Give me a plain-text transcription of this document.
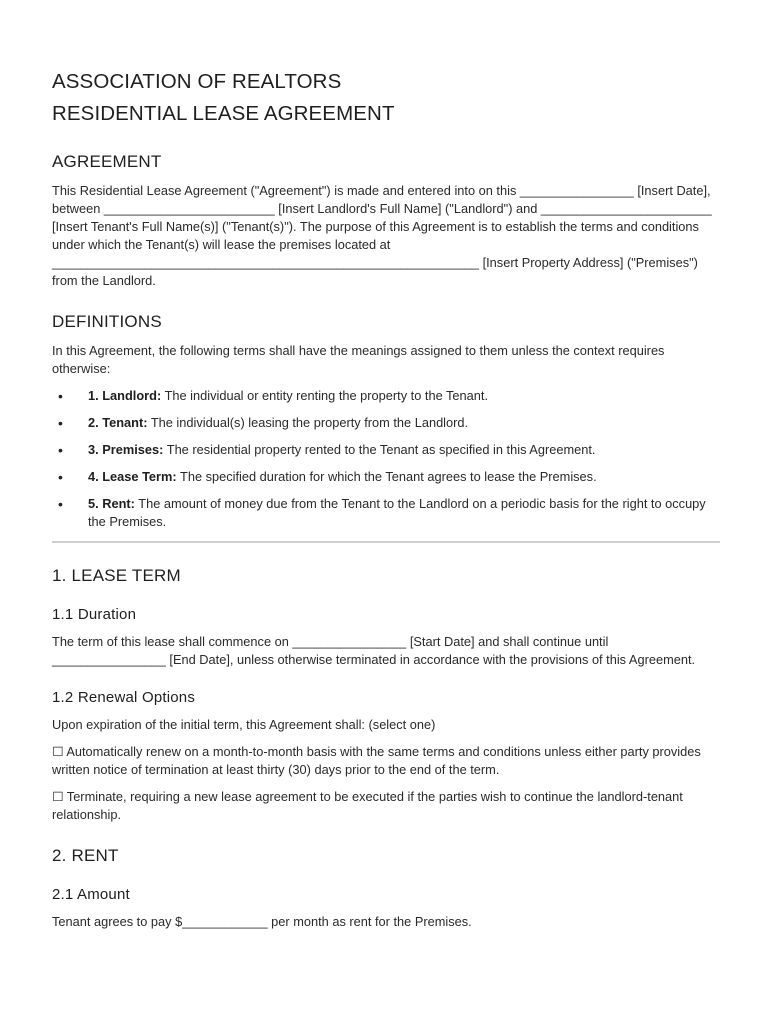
ASSOCIATION OF REALTORS
RESIDENTIAL LEASE AGREEMENT
AGREEMENT

This Residential Lease Agreement ("Agreement") is made and entered into on this ________________ [Insert Date], between ________________________ [Insert Landlord's Full Name] ("Landlord") and ________________________ [Insert Tenant's Full Name(s)] ("Tenant(s)"). The purpose of this Agreement is to establish the terms and conditions under which the Tenant(s) will lease the premises located at ____________________________________________________________ [Insert Property Address] ("Premises") from the Landlord.

DEFINITIONS

In this Agreement, the following terms shall have the meanings assigned to them unless the context requires otherwise:

• 1. Landlord: The individual or entity renting the property to the Tenant.
• 2. Tenant: The individual(s) leasing the property from the Landlord.
• 3. Premises: The residential property rented to the Tenant as specified in this Agreement.
• 4. Lease Term: The specified duration for which the Tenant agrees to lease the Premises.
• 5. Rent: The amount of money due from the Tenant to the Landlord on a periodic basis for the right to occupy the Premises.
1. LEASE TERM
1.1 Duration

The term of this lease shall commence on ________________ [Start Date] and shall continue until ________________ [End Date], unless otherwise terminated in accordance with the provisions of this Agreement.

1.2 Renewal Options

Upon expiration of the initial term, this Agreement shall: (select one)

☐ Automatically renew on a month-to-month basis with the same terms and conditions unless either party provides written notice of termination at least thirty (30) days prior to the end of the term.

☐ Terminate, requiring a new lease agreement to be executed if the parties wish to continue the landlord-tenant relationship.

2. RENT
2.1 Amount

Tenant agrees to pay $____________ per month as rent for the Premises.
